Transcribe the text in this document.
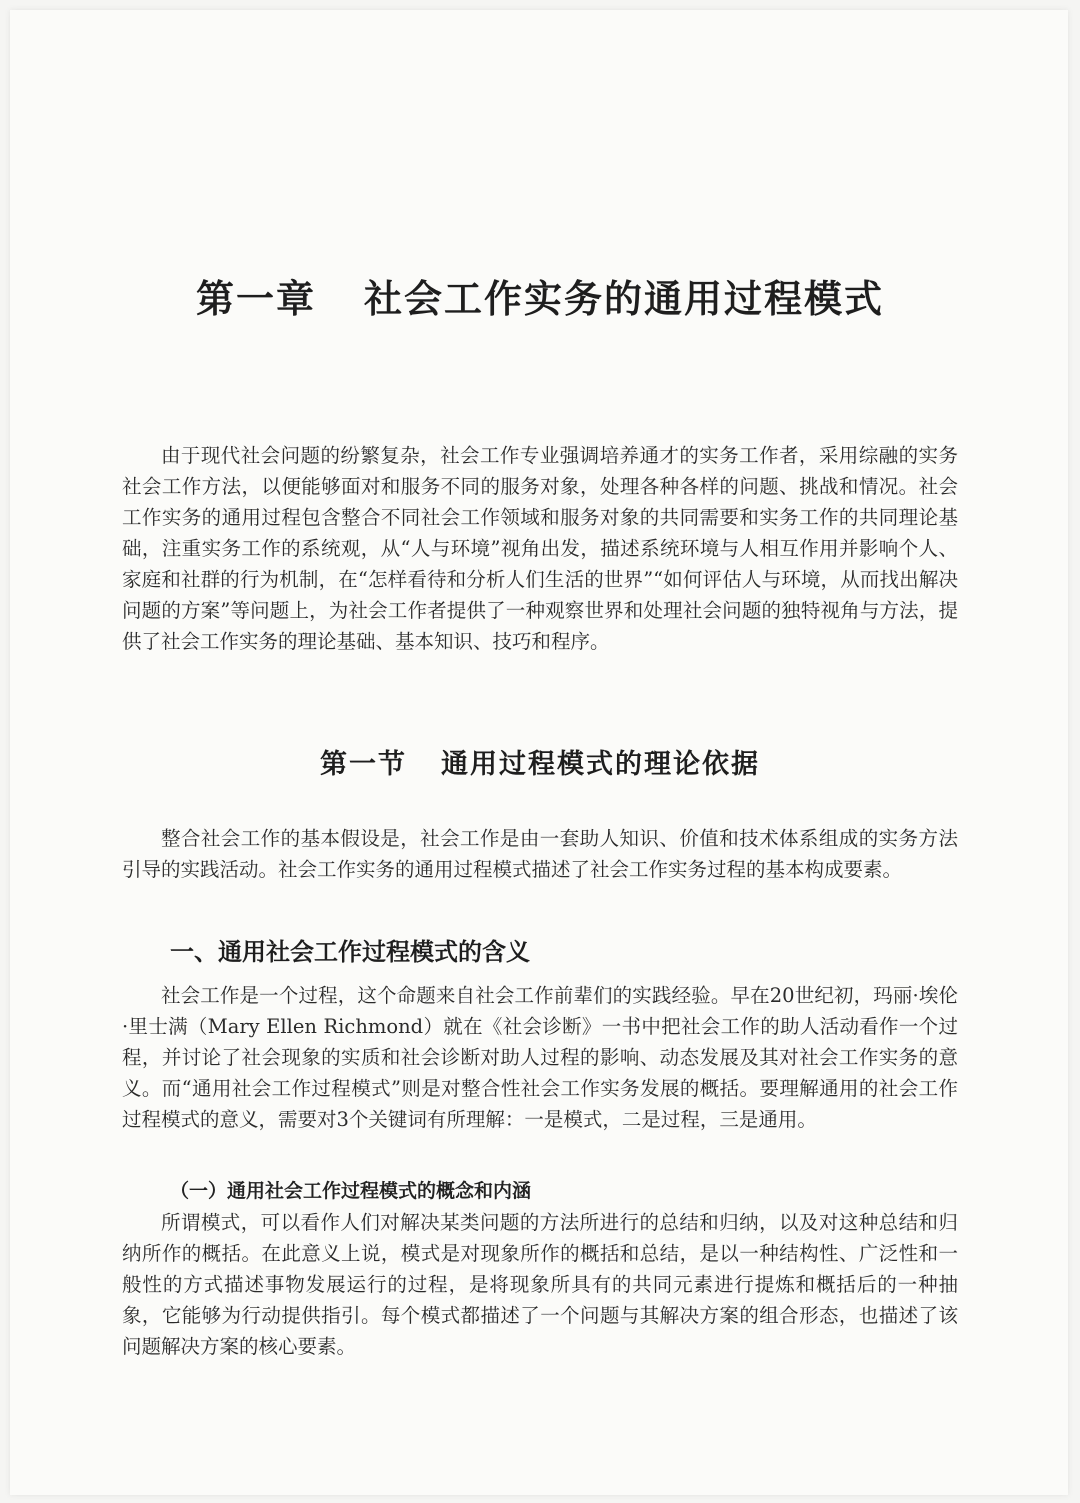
第一章 社会工作实务的通用过程模式

由于现代社会问题的纷繁复杂，社会工作专业强调培养通才的实务工作者，采用综融的实务社会工作方法，以便能够面对和服务不同的服务对象，处理各种各样的问题、挑战和情况。社会工作实务的通用过程包含整合不同社会工作领域和服务对象的共同需要和实务工作的共同理论基础，注重实务工作的系统观，从“人与环境”视角出发，描述系统环境与人相互作用并影响个人、家庭和社群的行为机制，在“怎样看待和分析人们生活的世界”“如何评估人与环境，从而找出解决问题的方案”等问题上，为社会工作者提供了一种观察世界和处理社会问题的独特视角与方法，提供了社会工作实务的理论基础、基本知识、技巧和程序。

第一节 通用过程模式的理论依据

整合社会工作的基本假设是，社会工作是由一套助人知识、价值和技术体系组成的实务方法引导的实践活动。社会工作实务的通用过程模式描述了社会工作实务过程的基本构成要素。

一、通用社会工作过程模式的含义

社会工作是一个过程，这个命题来自社会工作前辈们的实践经验。早在20世纪初，玛丽·埃伦·里士满（Mary Ellen Richmond）就在《社会诊断》一书中把社会工作的助人活动看作一个过程，并讨论了社会现象的实质和社会诊断对助人过程的影响、动态发展及其对社会工作实务的意义。而“通用社会工作过程模式”则是对整合性社会工作实务发展的概括。要理解通用的社会工作过程模式的意义，需要对3个关键词有所理解：一是模式，二是过程，三是通用。

（一）通用社会工作过程模式的概念和内涵

所谓模式，可以看作人们对解决某类问题的方法所进行的总结和归纳，以及对这种总结和归纳所作的概括。在此意义上说，模式是对现象所作的概括和总结，是以一种结构性、广泛性和一般性的方式描述事物发展运行的过程，是将现象所具有的共同元素进行提炼和概括后的一种抽象，它能够为行动提供指引。每个模式都描述了一个问题与其解决方案的组合形态，也描述了该问题解决方案的核心要素。
